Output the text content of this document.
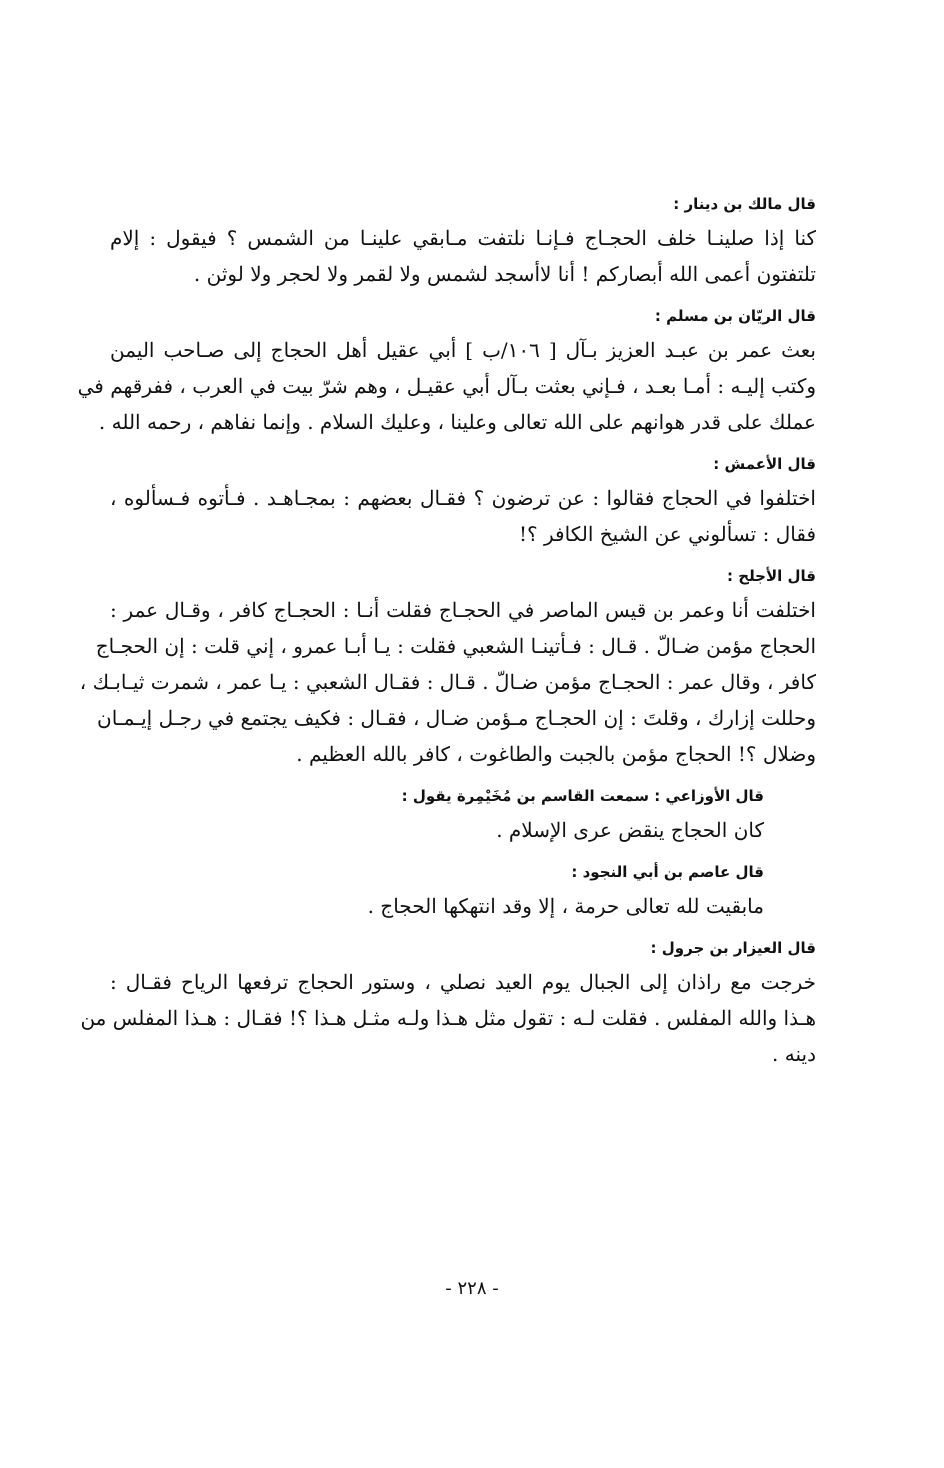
قال مالك بن دينار :
كنا إذا صلينـا خلف الحجـاج فـإنـا نلتفت مـابقي علينـا من الشمس ؟ فيقول : إلام
تلتفتون أعمى الله أبصاركم ! أنا لاأسجد لشمس ولا لقمر ولا لحجر ولا لوثن .
قال الريّان بن مسلم :
بعث عمر بن عبـد العزيز بـآل [ ١٠٦/ب ] أبي عقيل أهل الحجاج إلى صـاحب اليمن
وكتب إليـه : أمـا بعـد ، فـإني بعثت بـآل أبي عقيـل ، وهم شرّ بيت في العرب ، ففرقهم في
عملك على قدر هوانهم على الله تعالى وعلينا ، وعليك السلام . وإنما نفاهم ، رحمه الله .
قال الأعمش :
اختلفوا في الحجاج فقالوا : عن ترضون ؟ فقـال بعضهم : بمجـاهـد . فـأتوه فـسألوه ،
فقال : تسألوني عن الشيخ الكافر ؟!
قال الأجلح :
اختلفت أنا وعمر بن قيس الماصر في الحجـاج فقلت أنـا : الحجـاج كافر ، وقـال عمر :
الحجاج مؤمن ضـالّ . قـال : فـأتينـا الشعبي فقلت : يـا أبـا عمرو ، إني قلت : إن الحجـاج
كافر ، وقال عمر : الحجـاج مؤمن ضـالّ . قـال : فقـال الشعبي : يـا عمر ، شمرت ثيـابـك ،
وحللت إزارك ، وقلتَ : إن الحجـاج مـؤمن ضـال ، فقـال : فكيف يجتمع في رجـل إيـمـان
وضلال ؟! الحجاج مؤمن بالجبت والطاغوت ، كافر بالله العظيم .
قال الأوزاعي : سمعت القاسم بن مُخَيْمِرة يقول :
كان الحجاج ينقض عرى الإسلام .
قال عاصم بن أبي النجود :
مابقيت لله تعالى حرمة ، إلا وقد انتهكها الحجاج .
قال العيزار بن جرول :
خرجت مع راذان إلى الجبال يوم العيد نصلي ، وستور الحجاج ترفعها الرياح فقـال :
هـذا والله المفلس . فقلت لـه : تقول مثل هـذا ولـه مثـل هـذا ؟! فقـال : هـذا المفلس من
دينه .
- ٢٢٨ -
